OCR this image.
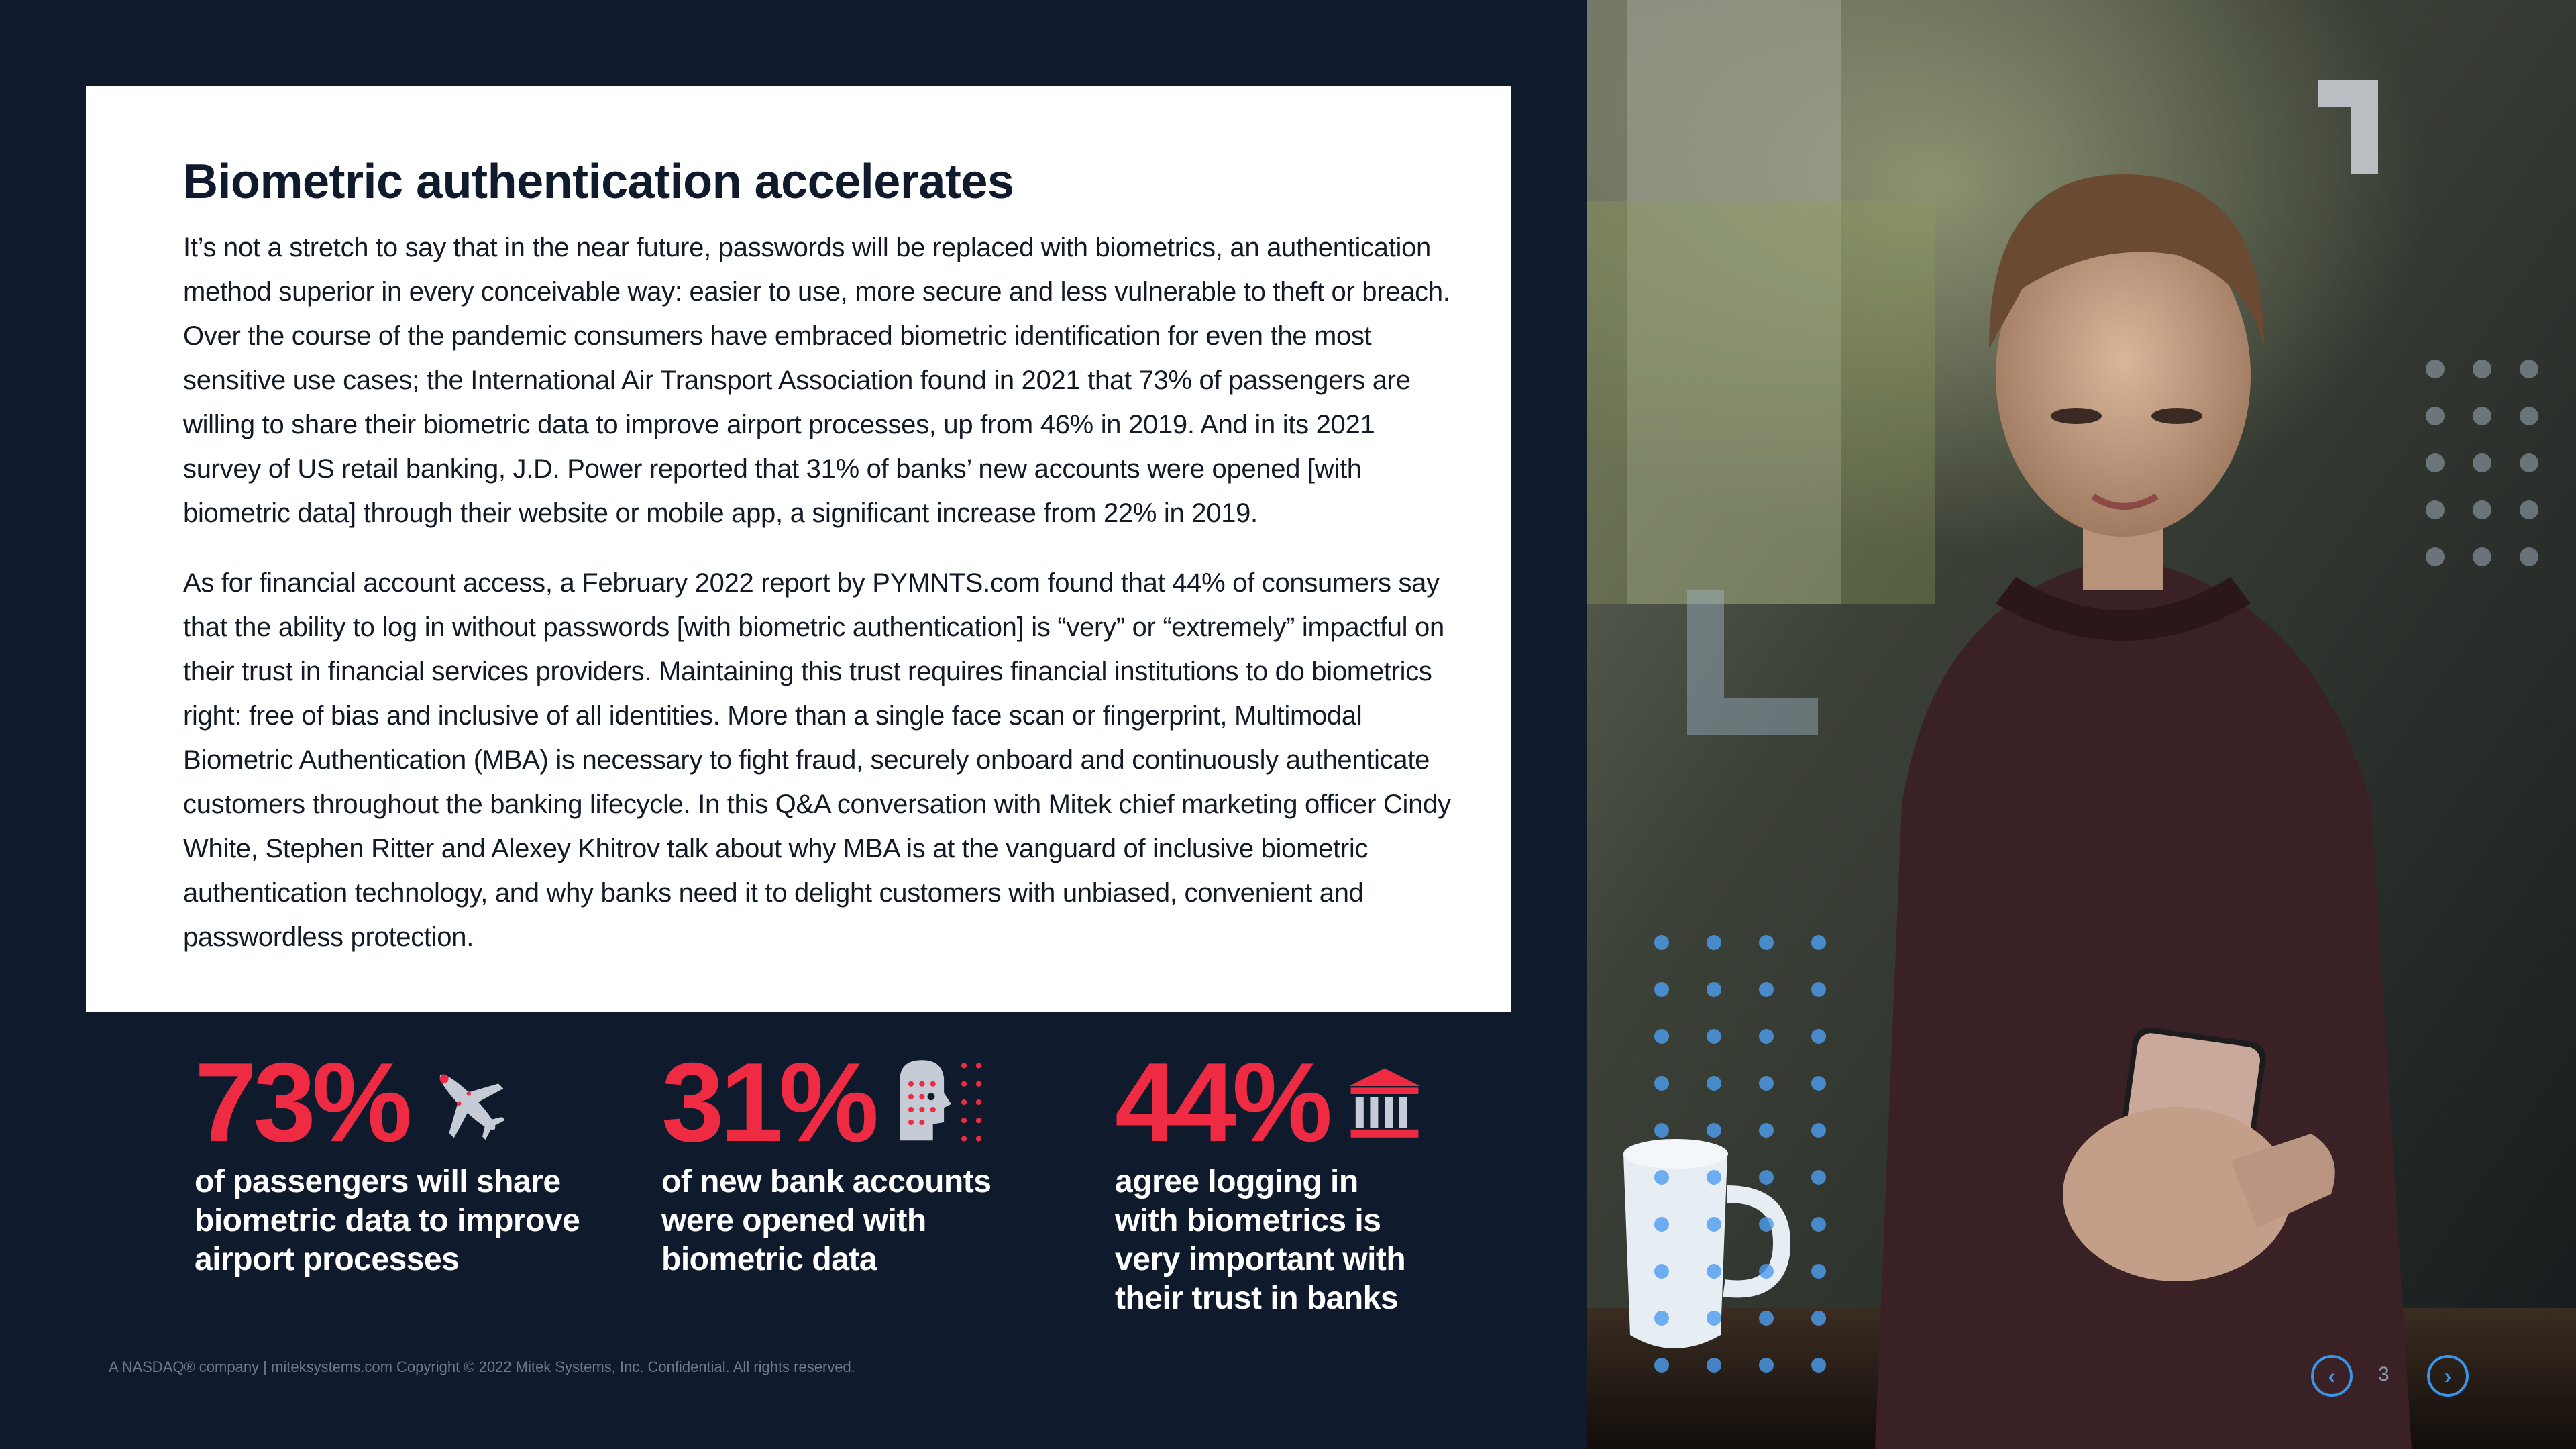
Biometric authentication accelerates

It’s not a stretch to say that in the near future, passwords will be replaced with biometrics, an authentication method superior in every conceivable way: easier to use, more secure and less vulnerable to theft or breach. Over the course of the pandemic consumers have embraced biometric identification for even the most sensitive use cases; the International Air Transport Association found in 2021 that 73% of passengers are willing to share their biometric data to improve airport processes, up from 46% in 2019. And in its 2021 survey of US retail banking, J.D. Power reported that 31% of banks’ new accounts were opened [with biometric data] through their website or mobile app, a significant increase from 22% in 2019.

As for financial account access, a February 2022 report by PYMNTS.com found that 44% of consumers say that the ability to log in without passwords [with biometric authentication] is “very” or “extremely” impactful on their trust in financial services providers. Maintaining this trust requires financial institutions to do biometrics right: free of bias and inclusive of all identities. More than a single face scan or fingerprint, Multimodal Biometric Authentication (MBA) is necessary to fight fraud, securely onboard and continuously authenticate customers throughout the banking lifecycle. In this Q&A conversation with Mitek chief marketing officer Cindy White, Stephen Ritter and Alexey Khitrov talk about why MBA is at the vanguard of inclusive biometric authentication technology, and why banks need it to delight customers with unbiased, convenient and passwordless protection.

73%
of passengers will share
biometric data to improve
airport processes
31%
of new bank accounts
were opened with
biometric data
44%
agree logging in
with biometrics is
very important with
their trust in banks
A NASDAQ® company | miteksystems.com Copyright © 2022 Mitek Systems, Inc. Confidential. All rights reserved.	‹ 3	›
